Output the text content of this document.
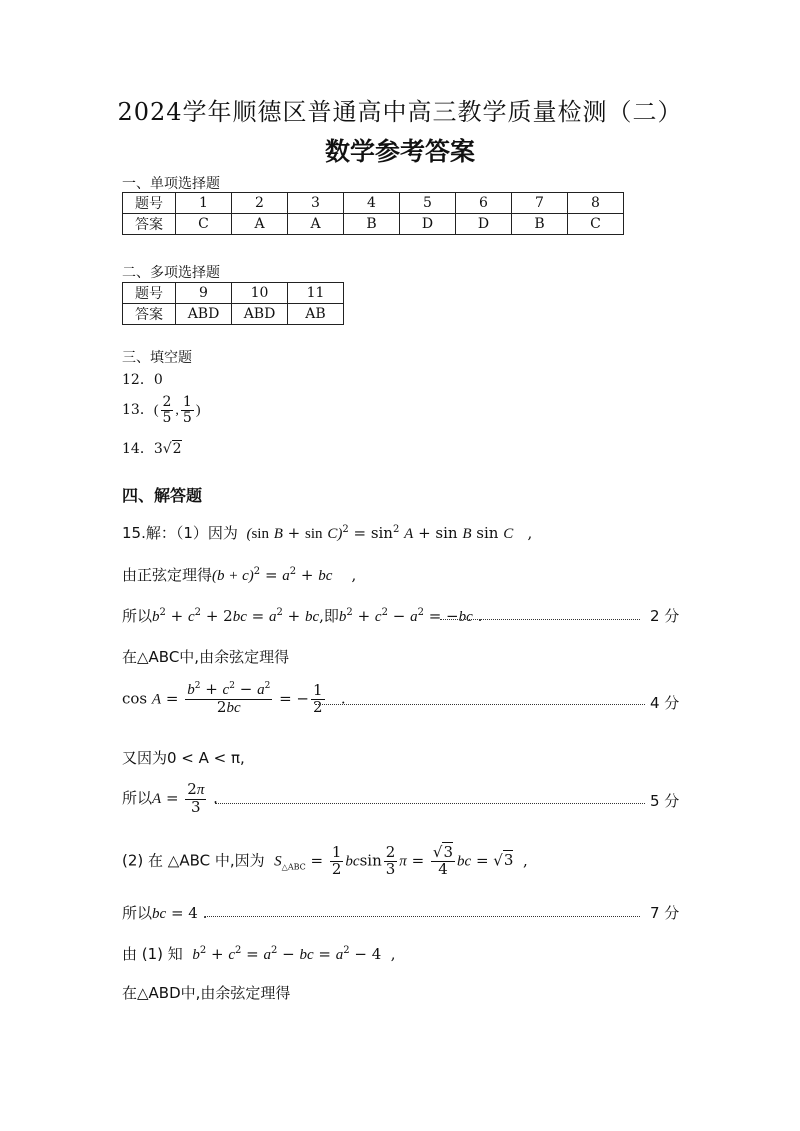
2024学年顺德区普通高中高三教学质量检测（二）
数学参考答案
一、单项选择题
题号	1	2	3	4	5	6	7	8
答案	C	A	A	B	D	D	B	C
二、多项选择题
题号	9	10	11
答案	ABD	ABD	AB
三、填空题
12．0
13．( $\frac{2}{5}$ , $\frac{1}{5}$ )
14．3√2
四、解答题
15.解：（1）因为  (sin $B + \sin C)^2 = \sin^2 A + \sin B$ sin C   ,
由正弦定理得$(b + c)^2 = a^2$ + bc    ,
所以$b^2 + c^2 + 2bc = a^2$ + bc,即$b^2 + c^2 - a^2 = -bc$ .	2 分
在△ABC中,由余弦定理得
$\cos A = \frac{b^2 + c^2 - a^2}{2bc}$ = − $\frac{1}{2}$ .	4 分
又因为0 < A < π,
所以$A = \frac{2\pi}{3}$ .	5 分
(2) 在 △ABC 中,因为 $S_{\triangle ABC} = \frac{1}{2}$ bcsin $\frac{2}{3}$ $\pi = \frac{√3}{4}$ bc = √3  ,
所以bc = 4 .	7 分
由 (1) 知 $b^2 + c^2 = a^2$ − bc = $a^2 - 4$  ,
在△ABD中,由余弦定理得
